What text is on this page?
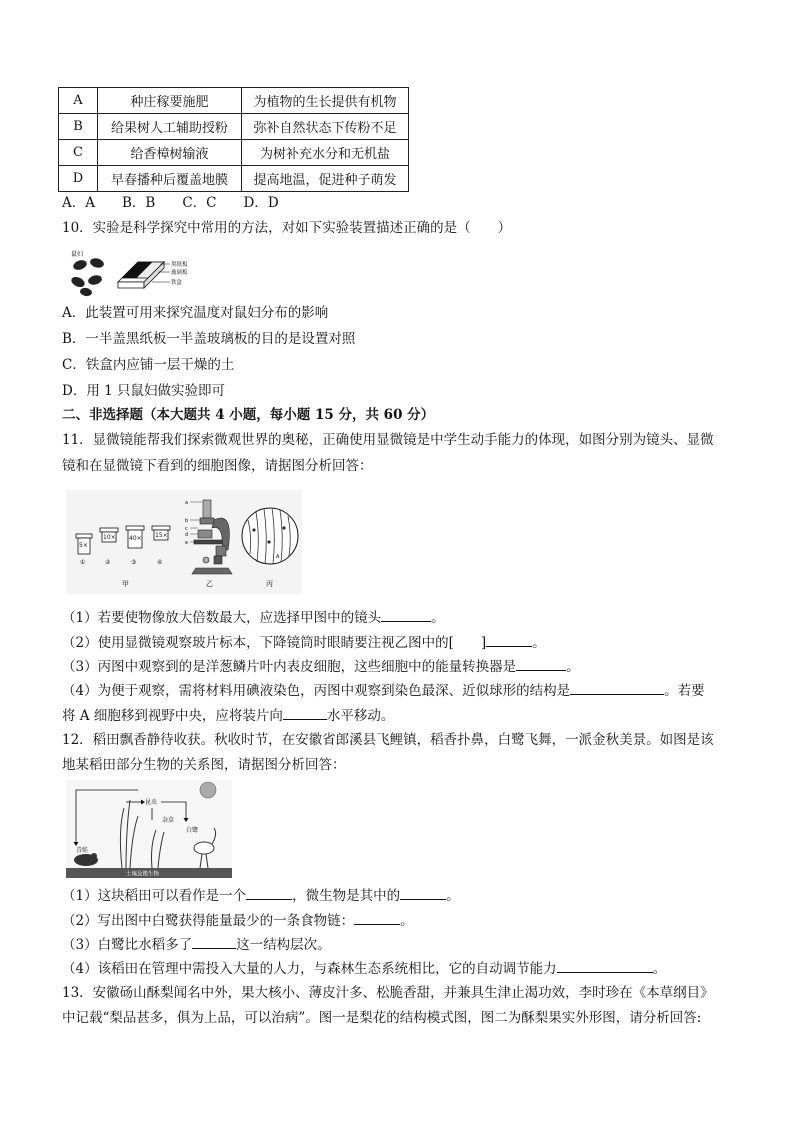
A	种庄稼要施肥	为植物的生长提供有机物
B	给果树人工辅助授粉	弥补自然状态下传粉不足
C	给香樟树输液	为树补充水分和无机盐
D	早春播种后覆盖地膜	提高地温，促进种子萌发
A．A　　B．B　　C．C　　D．D
10．实验是科学探究中常用的方法，对如下实验装置描述正确的是（　　）
鼠妇
黑纸板
玻璃板
铁盒
A．此装置可用来探究温度对鼠妇分布的影响
B．一半盖黑纸板一半盖玻璃板的目的是设置对照
C．铁盒内应铺一层干燥的土
D．用 1 只鼠妇做实验即可
二、非选择题（本大题共 4 小题，每小题 15 分，共 60 分）
11．显微镜能帮我们探索微观世界的奥秘，正确使用显微镜是中学生动手能力的体现，如图分别为镜头、显微
镜和在显微镜下看到的细胞图像，请据图分析回答：
5×
10× 40× 15×
①	②	③	④
甲
a
b
c
d
e
乙
A
丙
（1）若要使物像放大倍数最大，应选择甲图中的镜头	。
（2）使用显微镜观察玻片标本，下降镜筒时眼睛要注视乙图中的[　　]	。
（3）丙图中观察到的是洋葱鳞片叶内表皮细胞，这些细胞中的能量转换器是	。
（4）为便于观察，需将材料用碘液染色，丙图中观察到染色最深、近似球形的结构是	。若要
将 A 细胞移到视野中央，应将装片向	水平移动。
12．稻田飘香静待收获。秋收时节，在安徽省郎溪县飞鲤镇，稻香扑鼻，白鹭飞舞，一派金秋美景。如图是该
地某稻田部分生物的关系图，请据图分析回答：
昆虫
杂草
青蛙
白鹭
土壤及微生物
（1）这块稻田可以看作是一个	，微生物是其中的	。
（2）写出图中白鹭获得能量最少的一条食物链：	。
（3）白鹭比水稻多了	这一结构层次。
（4）该稻田在管理中需投入大量的人力，与森林生态系统相比，它的自动调节能力	。
13．安徽砀山酥梨闻名中外，果大核小、薄皮汁多、松脆香甜，并兼具生津止渴功效，李时珍在《本草纲目》
中记载“梨品甚多，俱为上品，可以治病”。图一是梨花的结构模式图，图二为酥梨果实外形图，请分析回答:
